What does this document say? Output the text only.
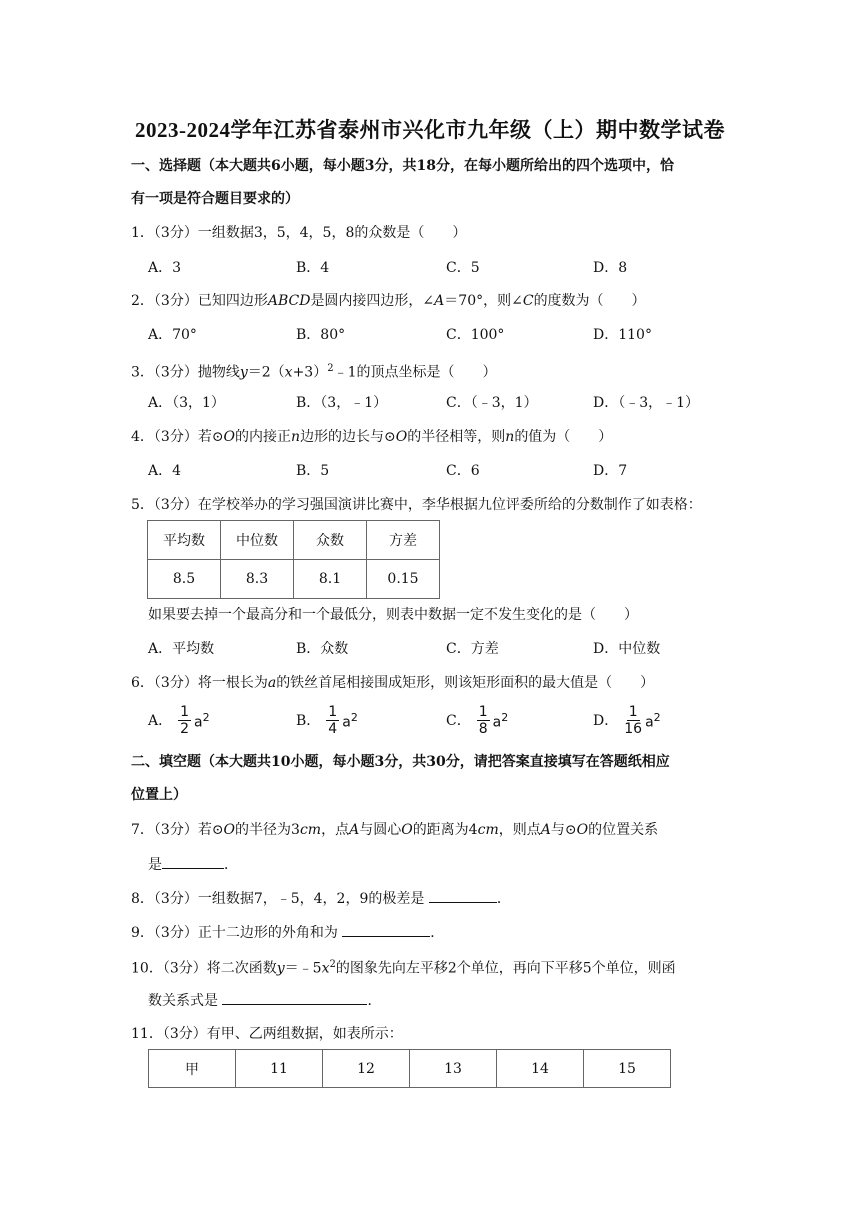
2023-2024学年江苏省泰州市兴化市九年级（上）期中数学试卷
一、选择题（本大题共6小题，每小题3分，共18分，在每小题所给出的四个选项中，恰
有一项是符合题目要求的）
1．（3分）一组数据3，5，4，5，8的众数是（　　）
A．3	B．4	C．5	D．8
2．（3分）已知四边形ABCD是圆内接四边形，∠A＝70°，则∠C的度数为（　　）
A．70°	B．80°	C．100°	D．110°
3．（3分）抛物线$y=2(x+3)^2﹣1$的顶点坐标是（　　）
A．（3，1）	B．（3，﹣1）	C．（﹣3，1）	D．（﹣3，﹣1）
4．（3分）若⊙O的内接正n边形的边长与⊙O的半径相等，则n的值为（　　）
A．4	B．5	C．6	D．7
5．（3分）在学校举办的学习强国演讲比赛中，李华根据九位评委所给的分数制作了如表格：
平均数	中位数	众数	方差
8.5	8.3	8.1	0.15
如果要去掉一个最高分和一个最低分，则表中数据一定不发生变化的是（　　）
A．平均数	B．众数	C．方差	D．中位数
6．（3分）将一根长为a的铁丝首尾相接围成矩形，则该矩形面积的最大值是（　　）
A．
1
2 $a^2$	B．
1
4 $a^2$	C．
1
8 $a^2$	D．
1
16 $a^2$
二、填空题（本大题共10小题，每小题3分，共30分，请把答案直接填写在答题纸相应
位置上）
7．（3分）若⊙O的半径为3cm，点A与圆心O的距离为4cm，则点A与⊙O的位置关系
是	．
8．（3分）一组数据7，﹣5，4，2，9的极差是	．
9．（3分）正十二边形的外角和为	．
10．（3分）将二次函数$y=﹣5x^2$的图象先向左平移2个单位，再向下平移5个单位，则函
数关系式是	．
11．（3分）有甲、乙两组数据，如表所示：
甲	11	12	13	14	15
